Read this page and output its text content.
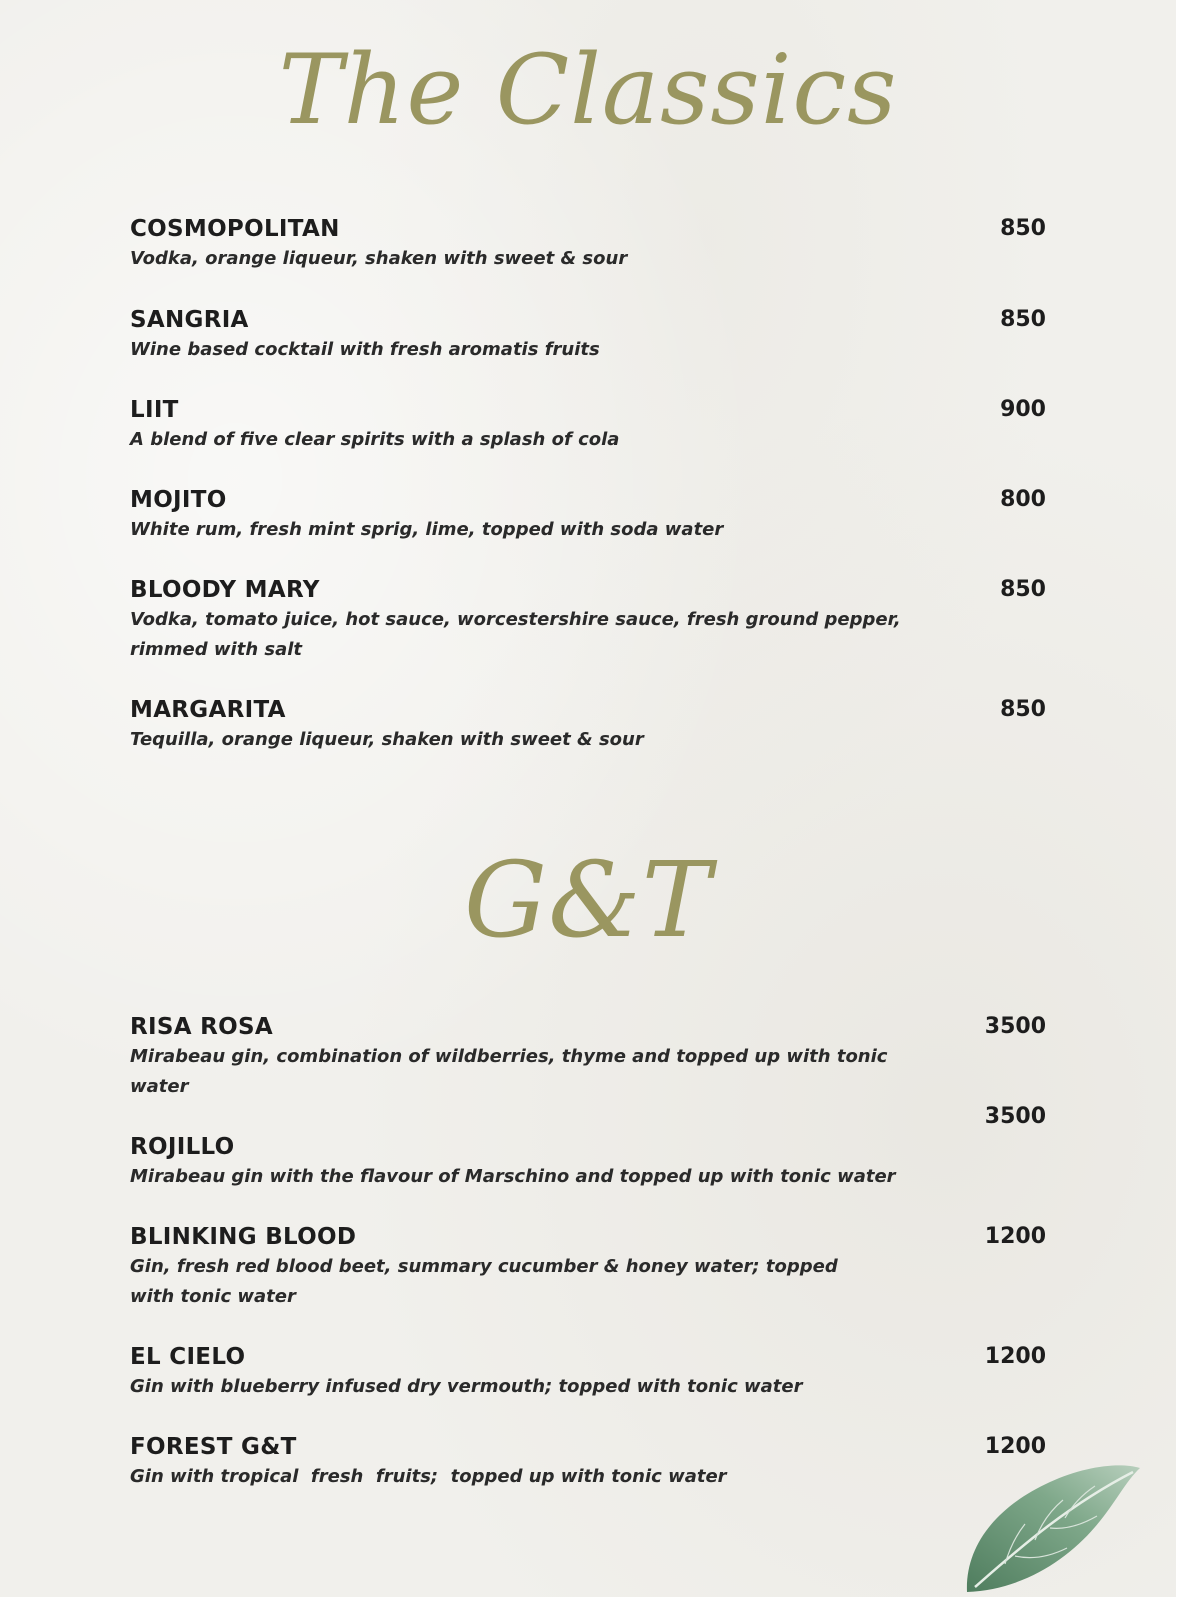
The Classics
850
COSMOPOLITAN
Vodka, orange liqueur, shaken with sweet & sour
850
SANGRIA
Wine based cocktail with fresh aromatis fruits
900
LIIT
A blend of five clear spirits with a splash of cola
800
MOJITO
White rum, fresh mint sprig, lime, topped with soda water
850
BLOODY MARY
Vodka, tomato juice, hot sauce, worcestershire sauce, fresh ground pepper, rimmed with salt
850
MARGARITA
Tequilla, orange liqueur, shaken with sweet & sour
G&T
3500
RISA ROSA
Mirabeau gin, combination of wildberries, thyme and topped up with tonic water
3500
ROJILLO
Mirabeau gin with the flavour of Marschino and topped up with tonic water
1200
BLINKING BLOOD
Gin, fresh red blood beet, summary cucumber & honey water; topped with tonic water
1200
EL CIELO
Gin with blueberry infused dry vermouth; topped with tonic water
1200
FOREST G&T
Gin with tropical  fresh  fruits;  topped up with tonic water
